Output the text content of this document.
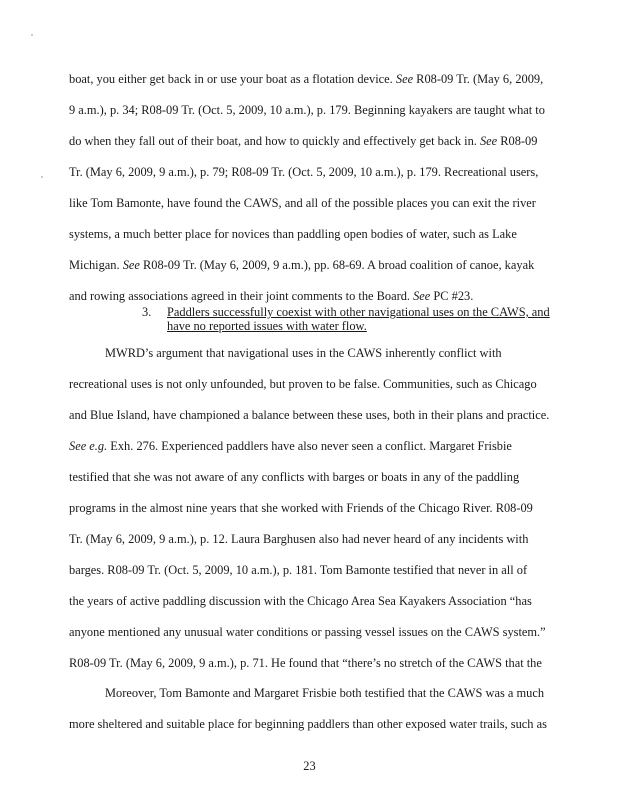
boat, you either get back in or use your boat as a flotation device. See R08-09 Tr. (May 6, 2009,
9 a.m.), p. 34; R08-09 Tr. (Oct. 5, 2009, 10 a.m.), p. 179. Beginning kayakers are taught what to
do when they fall out of their boat, and how to quickly and effectively get back in. See R08-09
Tr. (May 6, 2009, 9 a.m.), p. 79; R08-09 Tr. (Oct. 5, 2009, 10 a.m.), p. 179. Recreational users,
like Tom Bamonte, have found the CAWS, and all of the possible places you can exit the river
systems, a much better place for novices than paddling open bodies of water, such as Lake
Michigan. See R08-09 Tr. (May 6, 2009, 9 a.m.), pp. 68-69. A broad coalition of canoe, kayak
and rowing associations agreed in their joint comments to the Board. See PC #23.
3. Paddlers successfully coexist with other navigational uses on the CAWS, and
have no reported issues with water flow.
MWRD’s argument that navigational uses in the CAWS inherently conflict with
recreational uses is not only unfounded, but proven to be false. Communities, such as Chicago
and Blue Island, have championed a balance between these uses, both in their plans and practice.
See e.g. Exh. 276. Experienced paddlers have also never seen a conflict. Margaret Frisbie
testified that she was not aware of any conflicts with barges or boats in any of the paddling
programs in the almost nine years that she worked with Friends of the Chicago River. R08-09
Tr. (May 6, 2009, 9 a.m.), p. 12. Laura Barghusen also had never heard of any incidents with
barges. R08-09 Tr. (Oct. 5, 2009, 10 a.m.), p. 181. Tom Bamonte testified that never in all of
the years of active paddling discussion with the Chicago Area Sea Kayakers Association “has
anyone mentioned any unusual water conditions or passing vessel issues on the CAWS system.”
R08-09 Tr. (May 6, 2009, 9 a.m.), p. 71. He found that “there’s no stretch of the CAWS that the
Moreover, Tom Bamonte and Margaret Frisbie both testified that the CAWS was a much
more sheltered and suitable place for beginning paddlers than other exposed water trails, such as
23
